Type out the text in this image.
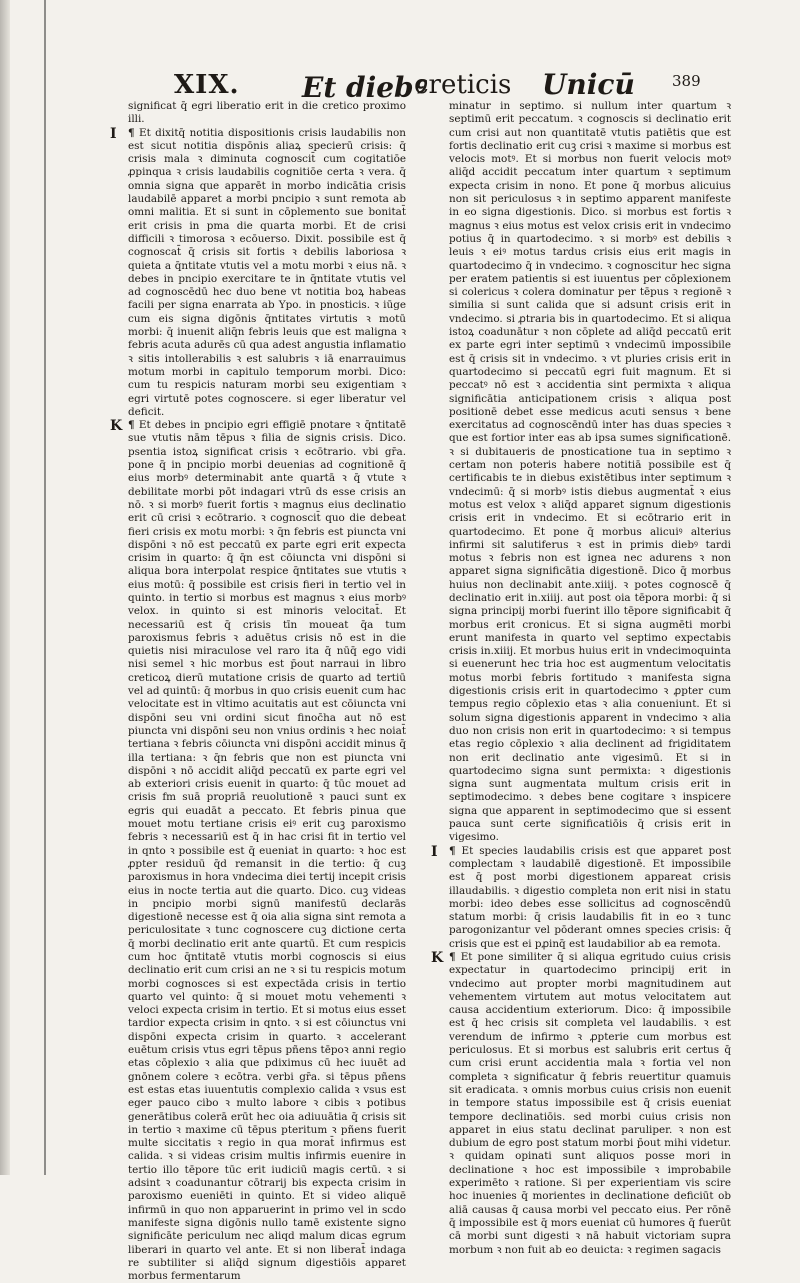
XIX. Et diebꝰ
creticis Unicū 389

significat q̄ egri liberatio erit in die cretico proximo illi.

I ¶ Et dixitq̄ notitia dispositionis crisis laudabilis non est sicut notitia dispōnis aliaꝝ specierū crisis: q̄ crisis mala ꝛ diminuta cognoscit̄ cum cogitatiōe ꝓpinqua ꝛ crisis laudabilis cognitiōe certa ꝛ vera. q̄ omnia signa que apparēt in morbo indicātia crisis laudabilē apparet a morbi pncipio ꝛ sunt remota ab omni malitia. Et si sunt in cōplemento sue bonitat̄ erit crisis in pma die quarta morbi. Et de crisi difficili ꝛ timorosa ꝛ ecōuerso. Dixit. possibile est q̄ cognoscat̄ q̄ crisis sit fortis ꝛ debilis laboriosa ꝛ quieta a q̄ntitate vtutis vel a motu morbi ꝛ eius nā. ꝛ debes in pncipio exercitare te in q̄ntitate vtutis vel ad cognoscēdū hec duo bene vt notitia boꝝ habeas facili per signa enarrata ab Ypo. in pnosticis. ꝛ iūge cum eis signa digōnis q̄ntitates virtutis ꝛ motū morbi: q̄ inuenit aliq̄n febris leuis que est maligna ꝛ febris acuta adurēs cū qua adest angustia inflamatio ꝛ sitis intollerabilis ꝛ est salubris ꝛ iā enarrauimus motum morbi in capitulo temporum morbi. Dico: cum tu respicis naturam morbi seu exigentiam ꝛ egri virtutē potes cognoscere. si eger liberatur vel deficit.

K ¶ Et debes in pncipio egri effigiē pnotare ꝛ q̄ntitatē sue vtutis nām tēpus ꝛ filia de signis crisis. Dico. psentia istoꝝ significat crisis ꝛ ecōtrario. vbi gr̄a. pone q̄ in pncipio morbi deuenias ad cognitionē q̄ eius morbꝰ determinabit ante quartā ꝛ q̄ vtute ꝛ debilitate morbi pōt indagari vtrū ds esse crisis an nō. ꝛ si morbꝰ fuerit fortis ꝛ magnus eius declinatio erit cū crisi ꝛ ecōtrario. ꝛ cognoscit̄ quo die debeat fieri crisis ex motu morbi: ꝛ q̄n febris est piuncta vni dispōni ꝛ nō est peccatū ex parte egri erit expecta crisim in quarto: q̄ q̄n est cōiuncta vni dispōni si aliqua bora interpolat respice q̄ntitates sue vtutis ꝛ eius motū: q̄ possibile est crisis fieri in tertio vel in quinto. in tertio si morbus est magnus ꝛ eius morbꝰ velox. in quinto si est minoris velocitat̄. Et necessariū est q̄ crisis tīn moueat q̄a tum paroxismus febris ꝛ aduētus crisis nō est in die quietis nisi miraculose vel raro ita q̄ nūq̄ ego vidi nisi semel ꝛ hic morbus est p̄out narraui in libro creticoꝝ dierū mutatione crisis de quarto ad tertiū vel ad quintū: q̄ morbus in quo crisis euenit cum hac velocitate est in vltimo acuitatis aut est cōiuncta vni dispōni seu vni ordini sicut finoc̄ha aut nō est piuncta vni dispōni seu non vnius ordinis ꝛ hec noiat̄ tertiana ꝛ febris cōiuncta vni dispōni accidit minus q̄ illa tertiana: ꝛ q̄n febris que non est piuncta vni dispōni ꝛ nō accidit aliq̄d peccatū ex parte egri vel ab exteriori crisis euenit in quarto: q̄ tūc mouet ad crisis fm suā propriā reuolutionē ꝛ pauci sunt ex egris qui euadāt a peccato. Et febris pinua que mouet motu tertiane crisis eiꝰ erit cuꝫ paroxismo febris ꝛ necessariū est q̄ in hac crisi fit in tertio vel in qnto ꝛ possibile est q̄ eueniat in quarto: ꝛ hoc est ꝓpter residuū q̄d remansit in die tertio: q̄ cuꝫ paroxismus in hora vndecima diei tertij incepit crisis eius in nocte tertia aut die quarto. Dico. cuꝫ videas in pncipio morbi signū manifestū declarās digestionē necesse est q̄ oia alia signa sint remota a periculositate ꝛ tunc cognoscere cuꝫ dictione certa q̄ morbi declinatio erit ante quartū. Et cum respicis cum hoc q̄ntitatē vtutis morbi cognoscis si eius declinatio erit cum crisi an ne ꝛ si tu respicis motum morbi cognosces si est expectāda crisis in tertio quarto vel quinto: q̄ si mouet motu vehementi ꝛ veloci expecta crisim in tertio. Et si motus eius esset tardior expecta crisim in qnto. ꝛ si est cōiunctus vni dispōni expecta crisim in quarto. ꝛ accelerant euētum crisis vtus egri tēpus pñens tēpoꝛ anni regio etas cōplexio ꝛ alia que pdiximus cū hec iuuēt ad gnōnem colere ꝛ ecōtra. verbi gr̄a. si tēpus pñens est estas etas iuuentutis complexio calida ꝛ vsus est eger pauco cibo ꝛ multo labore ꝛ cibis ꝛ potibus generātibus colerā erūt hec oia adiuuātia q̄ crisis sit in tertio ꝛ maxime cū tēpus pteritum ꝛ pñens fuerit multe siccitatis ꝛ regio in qua morat̄ infirmus est calida. ꝛ si videas crisim multis infirmis euenire in tertio illo tēpore tūc erit iudiciū magis certū. ꝛ si adsint ꝛ coadunantur cōtrarij bis expecta crisim in paroxismo eueniēti in quinto. Et si video aliquē infirmū in quo non apparuerint in primo vel in scdo manifeste signa digōnis nullo tamē existente signo significāte periculum nec aliqd malum dicas egrum liberari in quarto vel ante. Et si non liberat̄ indaga re subtiliter si aliq̄d signum digestiōis apparet morbus fermentarum

minatur in septimo. si nullum inter quartum ꝛ septimū erit peccatum. ꝛ cognoscis si declinatio erit cum crisi aut non quantitatē vtutis patiētis que est fortis declinatio erit cuꝫ crisi ꝛ maxime si morbus est velocis motꝰ. Et si morbus non fuerit velocis motꝰ aliq̄d accidit peccatum inter quartum ꝛ septimum expecta crisim in nono. Et pone q̄ morbus alicuius non sit periculosus ꝛ in septimo apparent manifeste in eo signa digestionis. Dico. si morbus est fortis ꝛ magnus ꝛ eius motus est velox crisis erit in vndecimo potius q̄ in quartodecimo. ꝛ si morbꝰ est debilis ꝛ leuis ꝛ eiꝰ motus tardus crisis eius erit magis in quartodecimo q̄ in vndecimo. ꝛ cognoscitur hec signa per eratem patientis si est iuuentus per cōplexionem si colericus ꝛ colera dominatur per tēpus ꝛ regionē ꝛ similia si sunt calida que si adsunt crisis erit in vndecimo. si ꝓtraria bis in quartodecimo. Et si aliqua istoꝝ coadunātur ꝛ non cōplete ad aliq̄d peccatū erit ex parte egri inter septimū ꝛ vndecimū impossibile est q̄ crisis sit in vndecimo. ꝛ vt pluries crisis erit in quartodecimo si peccatū egri fuit magnum. Et si peccatꝰ nō est ꝛ accidentia sint permixta ꝛ aliqua significātia anticipationem crisis ꝛ aliqua post positionē debet esse medicus acuti sensus ꝛ bene exercitatus ad cognoscēndū inter has duas species ꝛ que est fortior inter eas ab ipsa sumes significationē. ꝛ si dubitaueris de pnosticatione tua in septimo ꝛ certam non poteris habere notitiā possibile est q̄ certificabis te in diebus existētibus inter septimum ꝛ vndecimū: q̄ si morbꝰ istis diebus augmentat̄ ꝛ eius motus est velox ꝛ aliq̄d apparet signum digestionis crisis erit in vndecimo. Et si ecōtrario erit in quartodecimo. Et pone q̄ morbus alicuiꝰ alterius infirmi sit salutiferus ꝛ est in primis diebꝰ tardi motus ꝛ febris non est ignea nec adurens ꝛ non apparet signa significātia digestionē. Dico q̄ morbus huius non declinabit ante.xiiij. ꝛ potes cognoscē q̄ declinatio erit in.xiiij. aut post oia tēpora morbi: q̄ si signa principij morbi fuerint illo tēpore significabit q̄ morbus erit cronicus. Et si signa augmēti morbi erunt manifesta in quarto vel septimo expectabis crisis in.xiiij. Et morbus huius erit in vndecimoquinta si euenerunt hec tria hoc est augmentum velocitatis motus morbi febris fortitudo ꝛ manifesta signa digestionis crisis erit in quartodecimo ꝛ ꝓpter cum tempus regio cōplexio etas ꝛ alia conueniunt. Et si solum signa digestionis apparent in vndecimo ꝛ alia duo non crisis non erit in quartodecimo: ꝛ si tempus etas regio cōplexio ꝛ alia declinent ad frigiditatem non erit declinatio ante vigesimū. Et si in quartodecimo signa sunt permixta: ꝛ digestionis signa sunt augmentata multum crisis erit in septimodecimo. ꝛ debes bene cogitare ꝛ inspicere signa que apparent in septimodecimo que si essent pauca sunt certe significatiōis q̄ crisis erit in vigesimo.

I ¶ Et species laudabilis crisis est que apparet post complectam ꝛ laudabilē digestionē. Et impossibile est q̄ post morbi digestionem appareat crisis illaudabilis. ꝛ digestio completa non erit nisi in statu morbi: ideo debes esse sollicitus ad cognoscēndū statum morbi: q̄ crisis laudabilis fit in eo ꝛ tunc parogonizantur vel pōderant omnes species crisis: q̄ crisis que est ei pꝓinq̄ est laudabilior ab ea remota.

K ¶ Et pone similiter q̄ si aliqua egritudo cuius crisis expectatur in quartodecimo principij erit in vndecimo aut propter morbi magnitudinem aut vehementem virtutem aut motus velocitatem aut causa accidentium exteriorum. Dico: q̄ impossibile est q̄ hec crisis sit completa vel laudabilis. ꝛ est verendum de infirmo ꝛ ꝓpterie cum morbus est periculosus. Et si morbus est salubris erit certus q̄ cum crisi erunt accidentia mala ꝛ fortia vel non completa ꝛ significatur q̄ febris reuertitur quamuis sit eradicata. ꝛ omnis morbus cuius crisis non euenit in tempore status impossibile est q̄ crisis eueniat tempore declinatiōis. sed morbi cuius crisis non apparet in eius statu declinat paruliper. ꝛ non est dubium de egro post statum morbi p̄out mihi videtur. ꝛ quidam opinati sunt aliquos posse mori in declinatione ꝛ hoc est impossibile ꝛ improbabile experimēto ꝛ ratione. Si per experientiam vis scire hoc inuenies q̄ morientes in declinatione deficiūt ob aliā causas q̄ causa morbi vel peccato eius. Per rōnē q̄ impossibile est q̄ mors eueniat cū humores q̄ fuerūt cā morbi sunt digesti ꝛ nā habuit victoriam supra morbum ꝛ non fuit ab eo deuicta: ꝛ regimen sagacis
